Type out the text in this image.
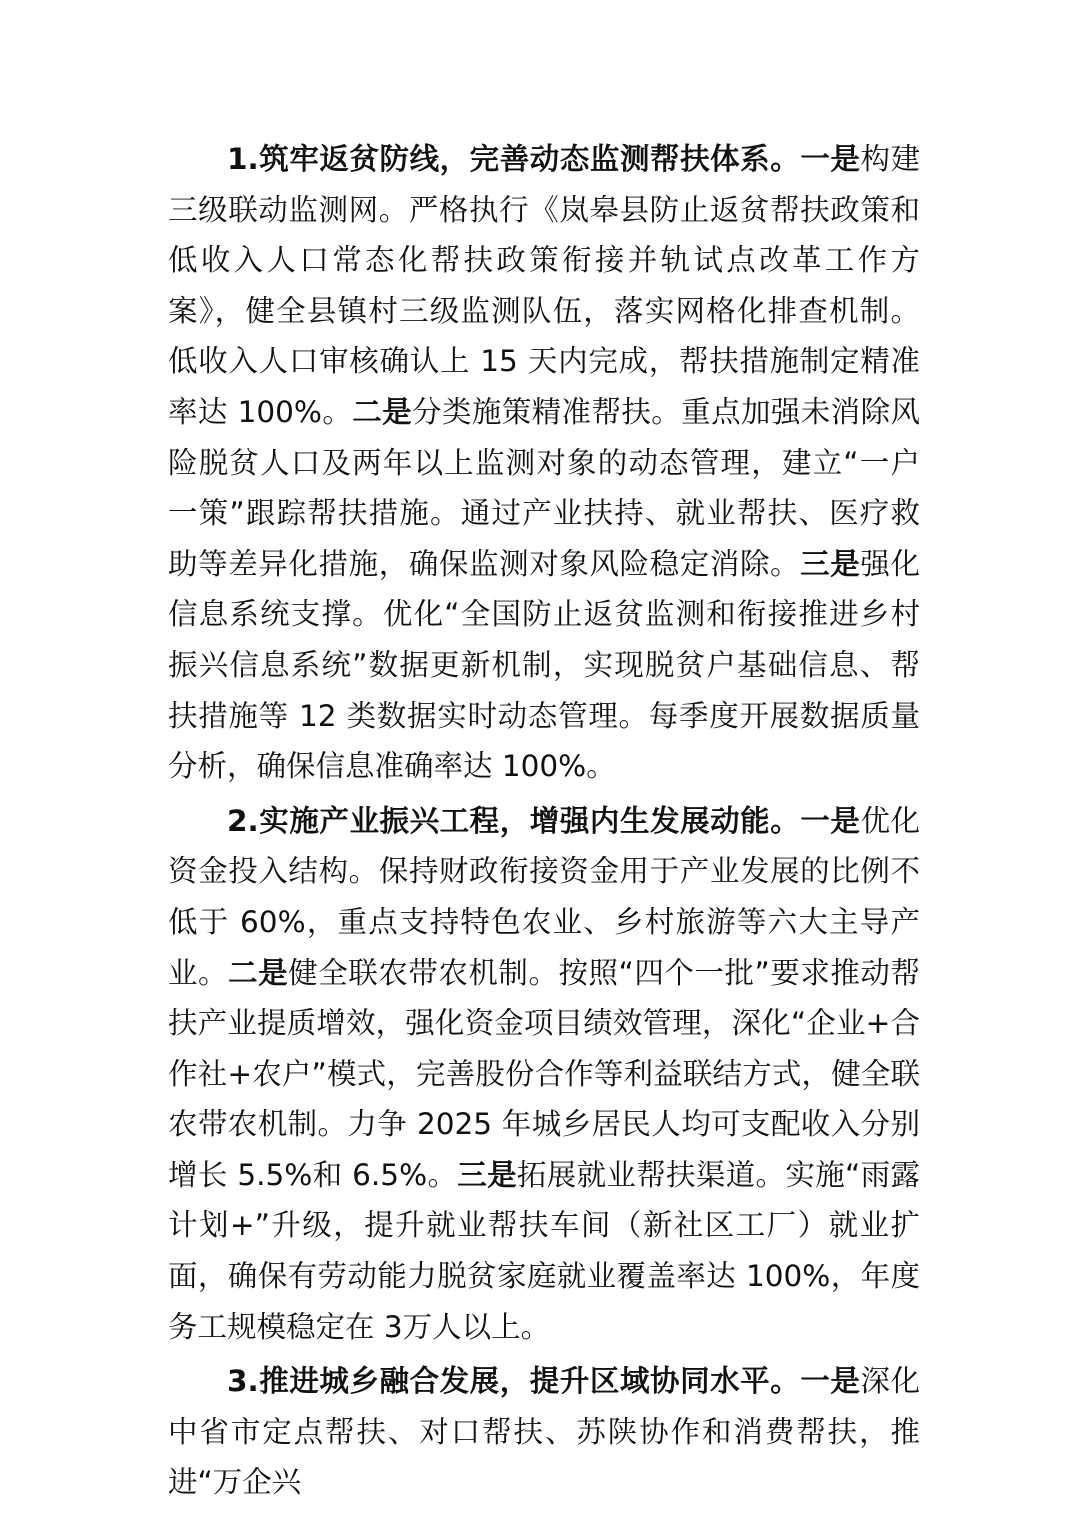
1.筑牢返贫防线，完善动态监测帮扶体系。一是构建三级联动监测网。严格执行《岚皋县防止返贫帮扶政策和低收入人口常态化帮扶政策衔接并轨试点改革工作方案》，健全县镇村三级监测队伍，落实网格化排查机制。低收入人口审核确认上 15 天内完成，帮扶措施制定精准率达 100%。二是分类施策精准帮扶。重点加强未消除风险脱贫人口及两年以上监测对象的动态管理，建立“一户一策”跟踪帮扶措施。通过产业扶持、就业帮扶、医疗救助等差异化措施，确保监测对象风险稳定消除。三是强化信息系统支撑。优化“全国防止返贫监测和衔接推进乡村振兴信息系统”数据更新机制，实现脱贫户基础信息、帮扶措施等 12 类数据实时动态管理。每季度开展数据质量分析，确保信息准确率达 100%。

2.实施产业振兴工程，增强内生发展动能。一是优化资金投入结构。保持财政衔接资金用于产业发展的比例不低于 60%，重点支持特色农业、乡村旅游等六大主导产业。二是健全联农带农机制。按照“四个一批”要求推动帮扶产业提质增效，强化资金项目绩效管理，深化“企业+合作社+农户”模式，完善股份合作等利益联结方式，健全联农带农机制。力争 2025 年城乡居民人均可支配收入分别增长 5.5%和 6.5%。三是拓展就业帮扶渠道。实施“雨露计划+”升级，提升就业帮扶车间（新社区工厂）就业扩面，确保有劳动能力脱贫家庭就业覆盖率达 100%，年度务工规模稳定在 3万人以上。

3.推进城乡融合发展，提升区域协同水平。一是深化中省市定点帮扶、对口帮扶、苏陕协作和消费帮扶，推进“万企兴
